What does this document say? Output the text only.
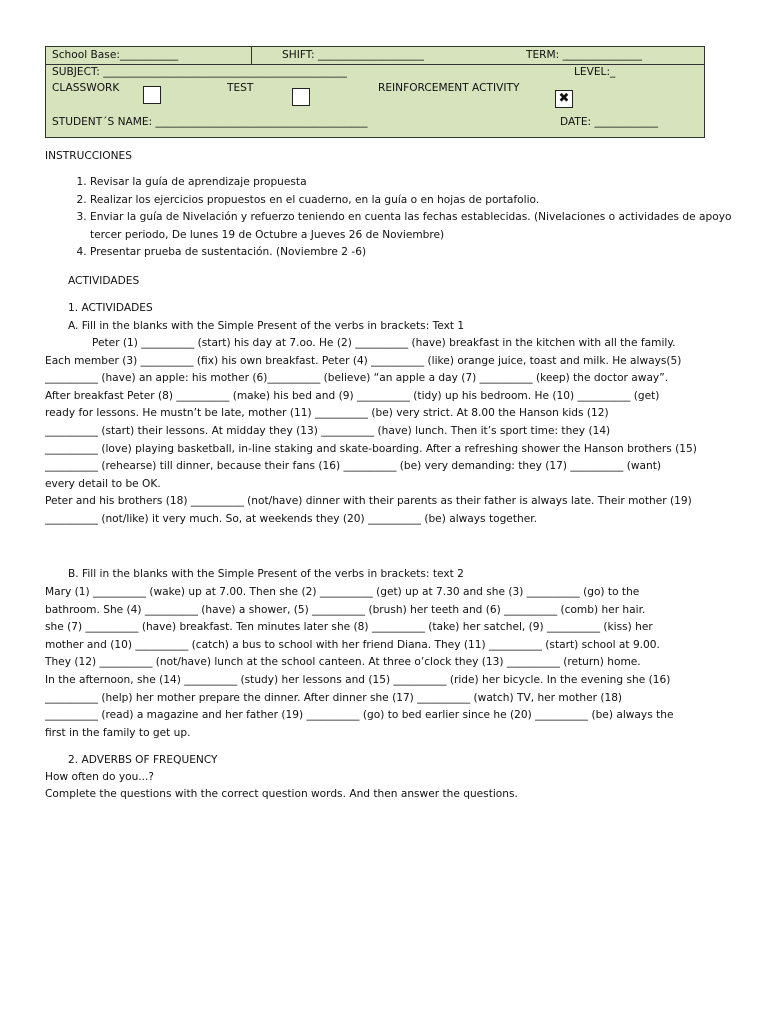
School Base:___________	SHIFT: ____________________	TERM: _______________
SUBJECT: ______________________________________________	LEVEL:_
CLASSWORK	TEST	REINFORCEMENT ACTIVITY
✖
STUDENT´S NAME: ________________________________________	DATE: ____________
INSTRUCCIONES
1. Revisar la guía de aprendizaje propuesta
2. Realizar los ejercicios propuestos en el cuaderno, en la guía o en hojas de portafolio.
3. Enviar la guía de Nivelación y refuerzo teniendo en cuenta las fechas establecidas. (Nivelaciones o actividades de apoyo
tercer periodo, De lunes 19 de Octubre a Jueves 26 de Noviembre)
4. Presentar prueba de sustentación. (Noviembre 2 -6)
ACTIVIDADES
1. ACTIVIDADES
A. Fill in the blanks with the Simple Present of the verbs in brackets: Text 1
Peter (1) __________ (start) his day at 7.oo. He (2) __________ (have) breakfast in the kitchen with all the family.
Each member (3) __________ (fix) his own breakfast. Peter (4) __________ (like) orange juice, toast and milk. He always(5)
__________ (have) an apple: his mother (6)__________ (believe) “an apple a day (7) __________ (keep) the doctor away”.
After breakfast Peter (8) __________ (make) his bed and (9) __________ (tidy) up his bedroom. He (10) __________ (get)
ready for lessons. He mustn’t be late, mother (11) __________ (be) very strict. At 8.00 the Hanson kids (12)
__________ (start) their lessons. At midday they (13) __________ (have) lunch. Then it’s sport time: they (14)
__________ (love) playing basketball, in-line staking and skate-boarding. After a refreshing shower the Hanson brothers (15)
__________ (rehearse) till dinner, because their fans (16) __________ (be) very demanding: they (17) __________ (want)
every detail to be OK.
Peter and his brothers (18) __________ (not/have) dinner with their parents as their father is always late. Their mother (19)
__________ (not/like) it very much. So, at weekends they (20) __________ (be) always together.
B. Fill in the blanks with the Simple Present of the verbs in brackets: text 2
Mary (1) __________ (wake) up at 7.00. Then she (2) __________ (get) up at 7.30 and she (3) __________ (go) to the
bathroom. She (4) __________ (have) a shower, (5) __________ (brush) her teeth and (6) __________ (comb) her hair.
she (7) __________ (have) breakfast. Ten minutes later she (8) __________ (take) her satchel, (9) __________ (kiss) her
mother and (10) __________ (catch) a bus to school with her friend Diana. They (11) __________ (start) school at 9.00.
They (12) __________ (not/have) lunch at the school canteen. At three o’clock they (13) __________ (return) home.
In the afternoon, she (14) __________ (study) her lessons and (15) __________ (ride) her bicycle. In the evening she (16)
__________ (help) her mother prepare the dinner. After dinner she (17) __________ (watch) TV, her mother (18)
__________ (read) a magazine and her father (19) __________ (go) to bed earlier since he (20) __________ (be) always the
first in the family to get up.
2. ADVERBS OF FREQUENCY
How often do you...?
Complete the questions with the correct question words. And then answer the questions.
